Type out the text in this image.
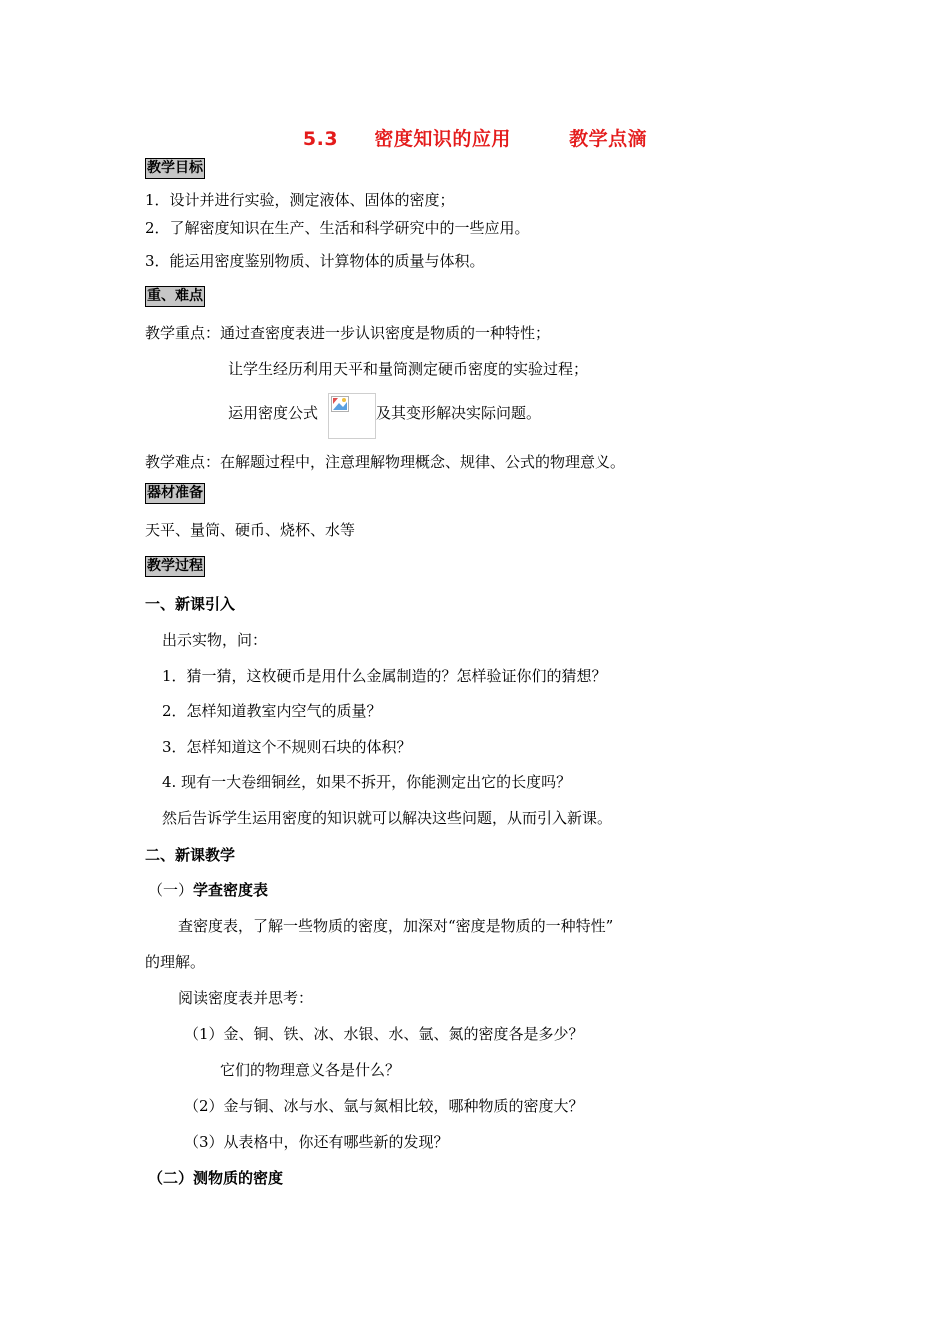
5.3 密度知识的应用	教学点滴
教学目标
1．设计并进行实验，测定液体、固体的密度；
2．了解密度知识在生产、生活和科学研究中的一些应用。
3．能运用密度鉴别物质、计算物体的质量与体积。
重、难点
教学重点：通过查密度表进一步认识密度是物质的一种特性；
让学生经历利用天平和量筒测定硬币密度的实验过程；
运用密度公式	及其变形解决实际问题。
教学难点：在解题过程中，注意理解物理概念、规律、公式的物理意义。
器材准备
天平、量筒、硬币、烧杯、水等
教学过程
一、新课引入
出示实物，问：
1．猜一猜，这枚硬币是用什么金属制造的？怎样验证你们的猜想？
2．怎样知道教室内空气的质量？
3．怎样知道这个不规则石块的体积？
4. 现有一大卷细铜丝，如果不拆开，你能测定出它的长度吗？
然后告诉学生运用密度的知识就可以解决这些问题，从而引入新课。
二、新课教学
（一）学查密度表
查密度表，了解一些物质的密度，加深对“密度是物质的一种特性”
的理解。
阅读密度表并思考：
（1）金、铜、铁、冰、水银、水、氩、氮的密度各是多少？
它们的物理意义各是什么？
（2）金与铜、冰与水、氩与氮相比较，哪种物质的密度大？
（3）从表格中，你还有哪些新的发现？
（二）测物质的密度
